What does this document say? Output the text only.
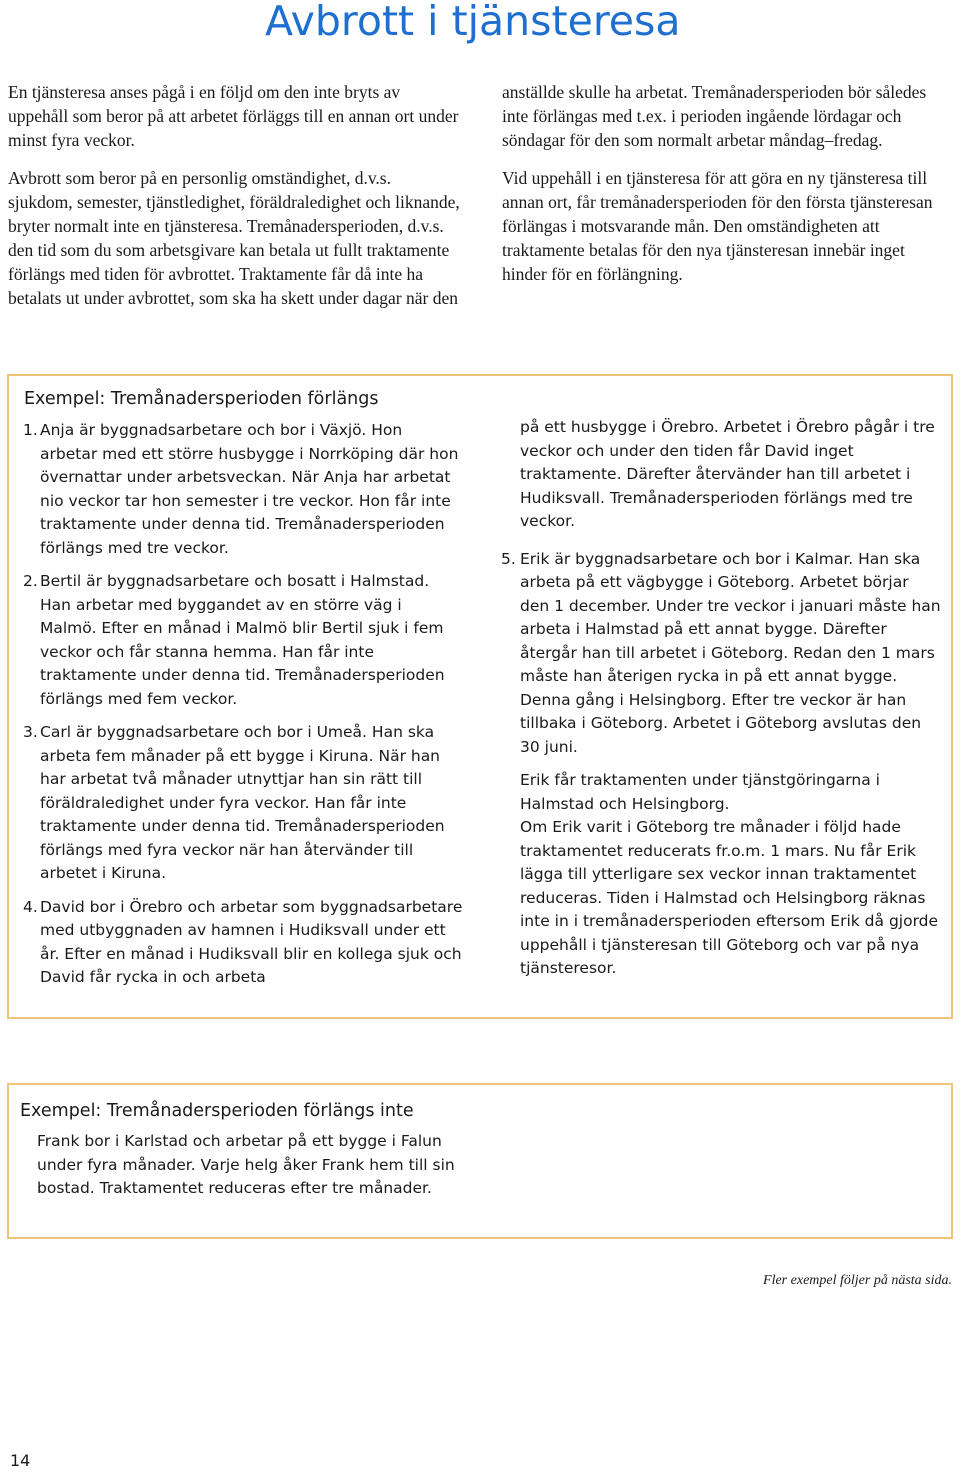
Avbrott i tjänsteresa

En tjänsteresa anses pågå i en följd om den inte bryts av uppehåll som beror på att arbetet förläggs till en annan ort under minst fyra veckor.

Avbrott som beror på en personlig omständighet, d.v.s. sjukdom, semester, tjänstledighet, föräldraledighet och liknande, bryter normalt inte en tjänsteresa. Tremånadersperioden, d.v.s. den tid som du som arbetsgivare kan betala ut fullt traktamente förlängs med tiden för avbrottet. Traktamente får då inte ha betalats ut under avbrottet, som ska ha skett under dagar när den

anställde skulle ha arbetat. Tremånadersperioden bör således inte förlängas med t.ex. i perioden ingående lördagar och söndagar för den som normalt arbetar måndag–fredag.

Vid uppehåll i en tjänsteresa för att göra en ny tjänsteresa till annan ort, får tremånadersperioden för den första tjänsteresan förlängas i motsvarande mån. Den omständigheten att traktamente betalas för den nya tjänsteresan innebär inget hinder för en förlängning.

Exempel: Tremånadersperioden förlängs
1. Anja är byggnadsarbetare och bor i Växjö. Hon arbetar med ett större husbygge i Norrköping där hon övernattar under arbetsveckan. När Anja har arbetat nio veckor tar hon semester i tre veckor. Hon får inte traktamente under denna tid. Tremånadersperioden förlängs med tre veckor.

2. Bertil är byggnadsarbetare och bosatt i Halmstad. Han arbetar med byggandet av en större väg i Malmö. Efter en månad i Malmö blir Bertil sjuk i fem veckor och får stanna hemma. Han får inte traktamente under denna tid. Tremånadersperioden förlängs med fem veckor.

3. Carl är byggnadsarbetare och bor i Umeå. Han ska arbeta fem månader på ett bygge i Kiruna. När han har arbetat två månader utnyttjar han sin rätt till föräldraledighet under fyra veckor. Han får inte traktamente under denna tid. Tremånadersperioden förlängs med fyra veckor när han återvänder till arbetet i Kiruna.

4. David bor i Örebro och arbetar som byggnadsarbetare med utbyggnaden av hamnen i Hudiksvall under ett år. Efter en månad i Hudiksvall blir en kollega sjuk och David får rycka in och arbeta

på ett husbygge i Örebro. Arbetet i Örebro pågår i tre veckor och under den tiden får David inget traktamente. Därefter återvänder han till arbetet i Hudiksvall. Tremånadersperioden förlängs med tre veckor.

5. Erik är byggnadsarbetare och bor i Kalmar. Han ska arbeta på ett vägbygge i Göteborg. Arbetet börjar den 1 december. Under tre veckor i januari måste han arbeta i Halmstad på ett annat bygge. Därefter återgår han till arbetet i Göteborg. Redan den 1 mars måste han återigen rycka in på ett annat bygge. Denna gång i Helsingborg. Efter tre veckor är han tillbaka i Göteborg. Arbetet i Göteborg avslutas den 30 juni.

Erik får traktamenten under tjänstgöringarna i Halmstad och Helsingborg.

Om Erik varit i Göteborg tre månader i följd hade traktamentet reducerats fr.o.m. 1 mars. Nu får Erik lägga till ytterligare sex veckor innan traktamentet reduceras. Tiden i Halmstad och Helsingborg räknas inte in i tremånadersperioden eftersom Erik då gjorde uppehåll i tjänsteresan till Göteborg och var på nya tjänsteresor.

Exempel: Tremånadersperioden förlängs inte

Frank bor i Karlstad och arbetar på ett bygge i Falun under fyra månader. Varje helg åker Frank hem till sin bostad. Traktamentet reduceras efter tre månader.

Fler exempel följer på nästa sida.
14
